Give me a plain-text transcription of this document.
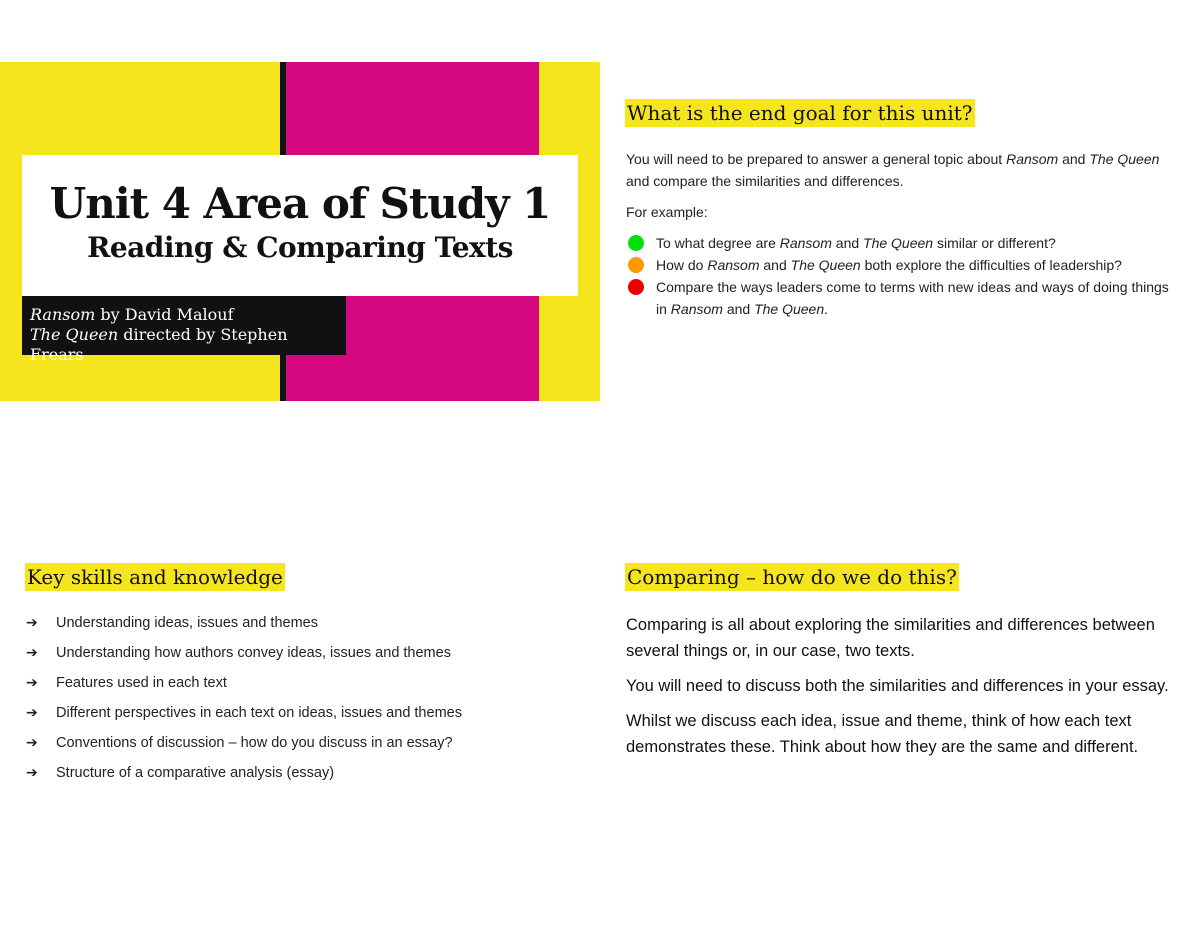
Unit 4 Area of Study 1
Reading & Comparing Texts
Ransom by David Malouf
The Queen directed by Stephen Frears
What is the end goal for this unit?

You will need to be prepared to answer a general topic about Ransom and The Queen and compare the similarities and differences.

For example:

To what degree are Ransom and The Queen similar or different?
How do Ransom and The Queen both explore the difficulties of leadership?
Compare the ways leaders come to terms with new ideas and ways of doing things in Ransom and The Queen.
Key skills and knowledge
➔	Understanding ideas, issues and themes
➔	Understanding how authors convey ideas, issues and themes
➔	Features used in each text
➔	Different perspectives in each text on ideas, issues and themes
➔	Conventions of discussion – how do you discuss in an essay?
➔	Structure of a comparative analysis (essay)
Comparing – how do we do this?

Comparing is all about exploring the similarities and differences between several things or, in our case, two texts.

You will need to discuss both the similarities and differences in your essay.

Whilst we discuss each idea, issue and theme, think of how each text demonstrates these. Think about how they are the same and different.
